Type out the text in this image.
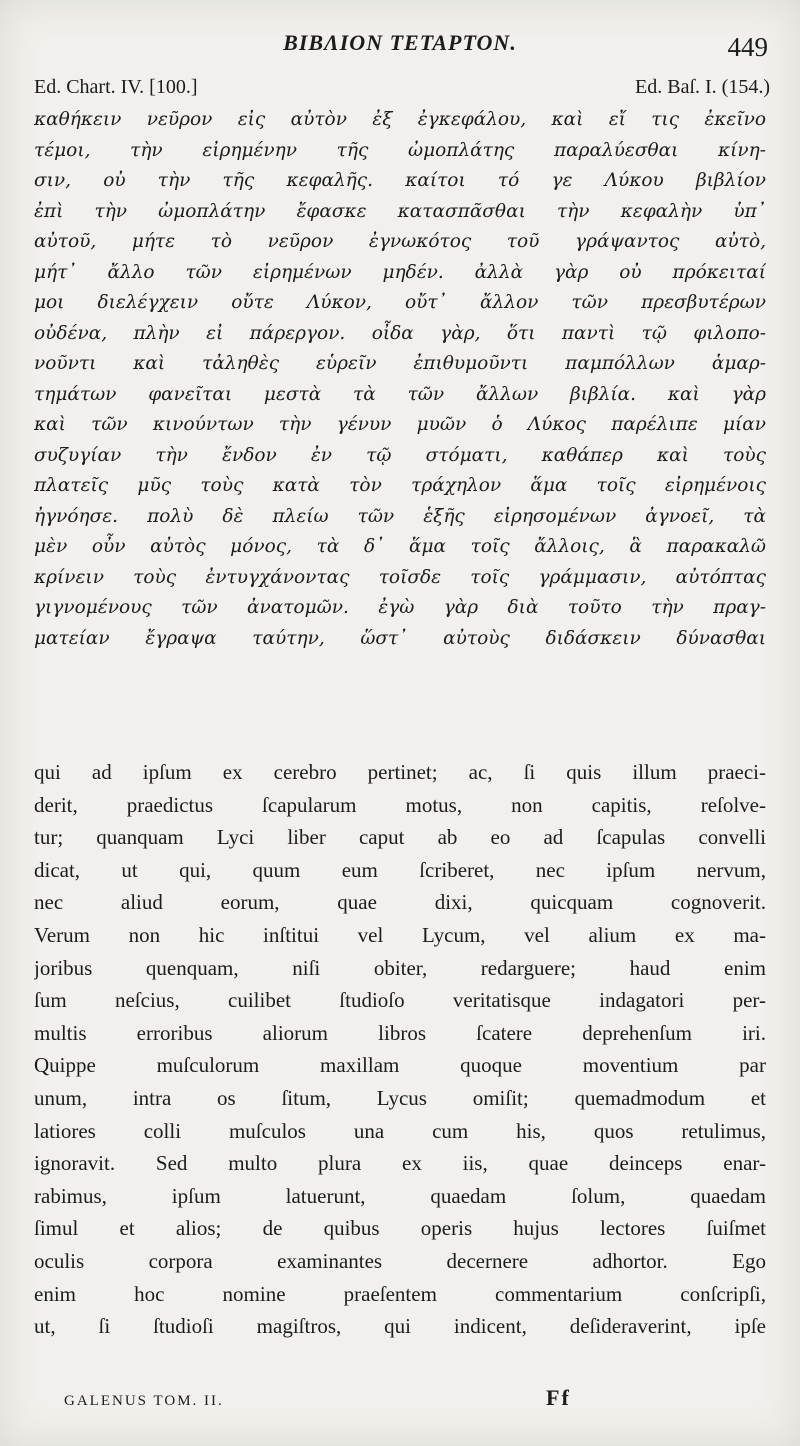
BIBΛΙΟΝ ΤΕΤΑΡΤΟΝ.	449
Ed. Chart. IV. [100.]	Ed. Baſ. I. (154.)
καθήκειν νεῦρον εἰς αὐτὸν ἐξ ἐγκεφάλου, καὶ εἴ τις ἐκεῖνο
τέμοι, τὴν εἰρημένην τῆς ὠμοπλάτης παραλύεσθαι κίνη-
σιν, οὐ τὴν τῆς κεφαλῆς. καίτοι τό γε Λύκου βιβλίον
ἐπὶ τὴν ὠμοπλάτην ἔφασκε κατασπᾶσθαι τὴν κεφαλὴν ὑπ᾽
αὐτοῦ, μήτε τὸ νεῦρον ἐγνωκότος τοῦ γράψαντος αὐτὸ,
μήτ᾽ ἄλλο τῶν εἰρημένων μηδέν. ἀλλὰ γὰρ οὐ πρόκειταί
μοι διελέγχειν οὔτε Λύκον, οὔτ᾽ ἄλλον τῶν πρεσβυτέρων
οὐδένα, πλὴν εἰ πάρεργον. οἶδα γὰρ, ὅτι παντὶ τῷ φιλοπο-
νοῦντι καὶ τἀληθὲς εὑρεῖν ἐπιθυμοῦντι παμπόλλων ἁμαρ-
τημάτων φανεῖται μεστὰ τὰ τῶν ἄλλων βιβλία. καὶ γὰρ
καὶ τῶν κινούντων τὴν γένυν μυῶν ὁ Λύκος παρέλιπε μίαν
συζυγίαν τὴν ἔνδον ἐν τῷ στόματι, καθάπερ καὶ τοὺς
πλατεῖς μῦς τοὺς κατὰ τὸν τράχηλον ἅμα τοῖς εἰρημένοις
ἠγνόησε. πολὺ δὲ πλείω τῶν ἑξῆς εἰρησομένων ἀγνοεῖ, τὰ
μὲν οὖν αὐτὸς μόνος, τὰ δ᾽ ἅμα τοῖς ἄλλοις, ἃ παρακαλῶ
κρίνειν τοὺς ἐντυγχάνοντας τοῖσδε τοῖς γράμμασιν, αὐτόπτας
γιγνομένους τῶν ἀνατομῶν. ἐγὼ γὰρ διὰ τοῦτο τὴν πραγ-
ματείαν ἔγραψα ταύτην, ὥστ᾽ αὐτοὺς διδάσκειν δύνασθαι
qui ad ipſum ex cerebro pertinet; ac, ſi quis illum praeci-
derit, praedictus ſcapularum motus, non capitis, reſolve-
tur; quanquam Lyci liber caput ab eo ad ſcapulas convelli
dicat, ut qui, quum eum ſcriberet, nec ipſum nervum,
nec aliud eorum, quae dixi, quicquam cognoverit.
Verum non hic inſtitui vel Lycum, vel alium ex ma-
joribus quenquam, niſi obiter, redarguere; haud enim
ſum neſcius, cuilibet ſtudioſo veritatisque indagatori per-
multis erroribus aliorum libros ſcatere deprehenſum iri.
Quippe muſculorum maxillam quoque moventium par
unum, intra os ſitum, Lycus omiſit; quemadmodum et
latiores colli muſculos una cum his, quos retulimus,
ignoravit. Sed multo plura ex iis, quae deinceps enar-
rabimus, ipſum latuerunt, quaedam ſolum, quaedam
ſimul et alios; de quibus operis hujus lectores ſuiſmet
oculis corpora examinantes decernere adhortor. Ego
enim hoc nomine praeſentem commentarium conſcripſi,
ut, ſi ſtudioſi magiſtros, qui indicent, deſideraverint, ipſe
GALENUS TOM. II.	Ff
